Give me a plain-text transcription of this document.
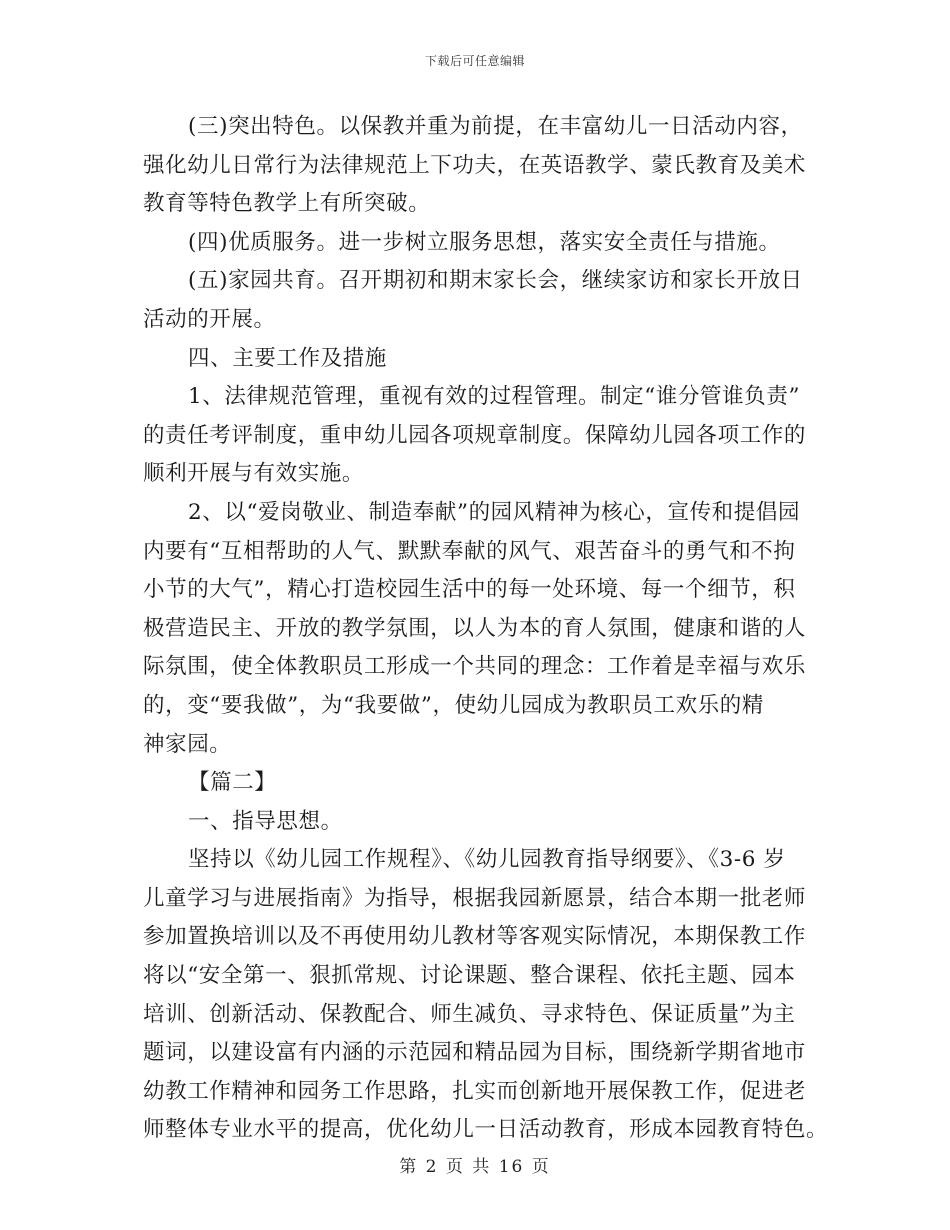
下载后可任意编辑
(三)突出特色。以保教并重为前提，在丰富幼儿一日活动内容，
强化幼儿日常行为法律规范上下功夫，在英语教学、蒙氏教育及美术
教育等特色教学上有所突破。
(四)优质服务。进一步树立服务思想，落实安全责任与措施。
(五)家园共育。召开期初和期末家长会，继续家访和家长开放日
活动的开展。
四、主要工作及措施
1、法律规范管理，重视有效的过程管理。制定“谁分管谁负责”
的责任考评制度，重申幼儿园各项规章制度。保障幼儿园各项工作的
顺利开展与有效实施。
2、以“爱岗敬业、制造奉献”的园风精神为核心，宣传和提倡园
内要有“互相帮助的人气、默默奉献的风气、艰苦奋斗的勇气和不拘
小节的大气”，精心打造校园生活中的每一处环境、每一个细节，积
极营造民主、开放的教学氛围，以人为本的育人氛围，健康和谐的人
际氛围，使全体教职员工形成一个共同的理念：工作着是幸福与欢乐
的，变“要我做”，为“我要做”，使幼儿园成为教职员工欢乐的精
神家园。
【篇二】
一、指导思想。
坚持以《幼儿园工作规程》、《幼儿园教育指导纲要》、《3-6 岁
儿童学习与进展指南》为指导，根据我园新愿景，结合本期一批老师
参加置换培训以及不再使用幼儿教材等客观实际情况，本期保教工作
将以“安全第一、狠抓常规、讨论课题、整合课程、依托主题、园本
培训、创新活动、保教配合、师生减负、寻求特色、保证质量”为主
题词，以建设富有内涵的示范园和精品园为目标，围绕新学期省地市
幼教工作精神和园务工作思路，扎实而创新地开展保教工作，促进老
师整体专业水平的提高，优化幼儿一日活动教育，形成本园教育特色。
第 2 页 共 16 页
